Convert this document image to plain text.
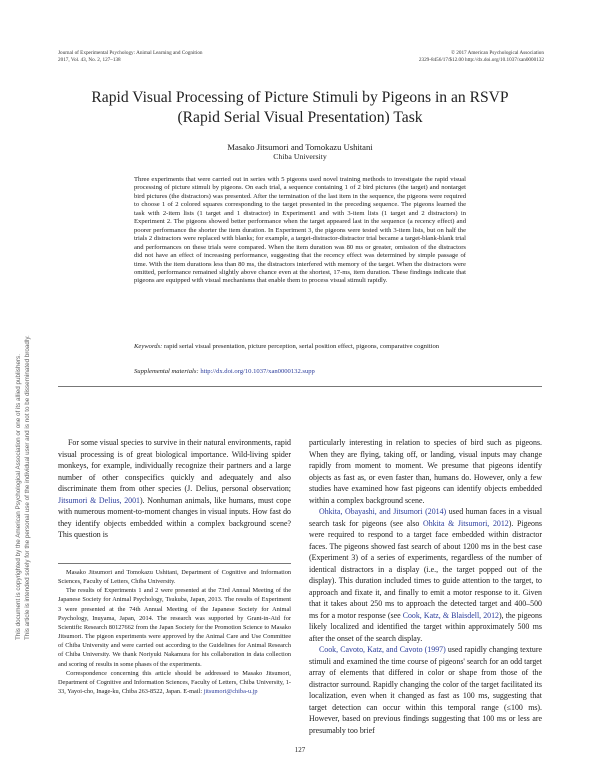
Journal of Experimental Psychology: Animal Learning and Cognition
2017, Vol. 43, No. 2, 127–138
© 2017 American Psychological Association
2329-8456/17/$12.00 http://dx.doi.org/10.1037/xan0000132
Rapid Visual Processing of Picture Stimuli by Pigeons in an RSVP
(Rapid Serial Visual Presentation) Task
Masako Jitsumori and Tomokazu Ushitani
Chiba University
Three experiments that were carried out in series with 5 pigeons used novel training methods to investigate the rapid visual processing of picture stimuli by pigeons. On each trial, a sequence containing 1 of 2 bird pictures (the target) and nontarget bird pictures (the distractors) was presented. After the termination of the last item in the sequence, the pigeons were required to choose 1 of 2 colored squares corresponding to the target presented in the preceding sequence. The pigeons learned the task with 2-item lists (1 target and 1 distractor) in Experiment1 and with 3-item lists (1 target and 2 distractors) in Experiment 2. The pigeons showed better performance when the target appeared last in the sequence (a recency effect) and poorer performance the shorter the item duration. In Experiment 3, the pigeons were tested with 3-item lists, but on half the trials 2 distractors were replaced with blanks; for example, a target-distractor-distractor trial became a target-blank-blank trial and performances on these trials were compared. When the item duration was 80 ms or greater, omission of the distractors did not have an effect of increasing performance, suggesting that the recency effect was determined by simple passage of time. With the item durations less than 80 ms, the distractors interfered with memory of the target. When the distractors were omitted, performance remained slightly above chance even at the shortest, 17-ms, item duration. These findings indicate that pigeons are equipped with visual mechanisms that enable them to process visual stimuli rapidly.
Keywords: rapid serial visual presentation, picture perception, serial position effect, pigeons, comparative cognition
Supplemental materials: http://dx.doi.org/10.1037/xan0000132.supp

For some visual species to survive in their natural environments, rapid visual processing is of great biological importance. Wild-living spider monkeys, for example, individually recognize their partners and a large number of other conspecifics quickly and adequately and also discriminate them from other species (J. Delius, personal observation; Jitsumori & Delius, 2001). Nonhuman animals, like humans, must cope with numerous moment-to-moment changes in visual inputs. How fast do they identify objects embedded within a complex background scene? This question is

Masako Jitsumori and Tomokazu Ushitani, Department of Cognitive and Information Sciences, Faculty of Letters, Chiba University.

The results of Experiments 1 and 2 were presented at the 73rd Annual Meeting of the Japanese Society for Animal Psychology, Tsukuba, Japan, 2013. The results of Experiment 3 were presented at the 74th Annual Meeting of the Japanese Society for Animal Psychology, Inuyama, Japan, 2014. The research was supported by Grant-in-Aid for Scientific Research 80127662 from the Japan Society for the Promotion Science to Masako Jitsumori. The pigeon experiments were approved by the Animal Care and Use Committee of Chiba University and were carried out according to the Guidelines for Animal Research of Chiba University. We thank Noriyuki Nakamura for his collaboration in data collection and scoring of results in some phases of the experiments.

Correspondence concerning this article should be addressed to Masako Jitsumori, Department of Cognitive and Information Sciences, Faculty of Letters, Chiba University, 1-33, Yayoi-cho, Inage-ku, Chiba 263-8522, Japan. E-mail: jitsumori@chiba-u.jp

particularly interesting in relation to species of bird such as pigeons. When they are flying, taking off, or landing, visual inputs may change rapidly from moment to moment. We presume that pigeons identify objects as fast as, or even faster than, humans do. However, only a few studies have examined how fast pigeons can identify objects embedded within a complex background scene.

Ohkita, Obayashi, and Jitsumori (2014) used human faces in a visual search task for pigeons (see also Ohkita & Jitsumori, 2012). Pigeons were required to respond to a target face embedded within distractor faces. The pigeons showed fast search of about 1200 ms in the best case (Experiment 3) of a series of experiments, regardless of the number of identical distractors in a display (i.e., the target popped out of the display). This duration included times to guide attention to the target, to approach and fixate it, and finally to emit a motor response to it. Given that it takes about 250 ms to approach the detected target and 400–500 ms for a motor response (see Cook, Katz, & Blaisdell, 2012), the pigeons likely localized and identified the target within approximately 500 ms after the onset of the search display.

Cook, Cavoto, Katz, and Cavoto (1997) used rapidly changing texture stimuli and examined the time course of pigeons' search for an odd target array of elements that differed in color or shape from those of the distractor surround. Rapidly changing the color of the target facilitated its localization, even when it changed as fast as 100 ms, suggesting that target detection can occur within this temporal range (≤100 ms). However, based on previous findings suggesting that 100 ms or less are presumably too brief

127
This document is copyrighted by the American Psychological Association or one of its allied publishers. This article is intended solely for the personal use of the individual user and is not to be disseminated broadly.
